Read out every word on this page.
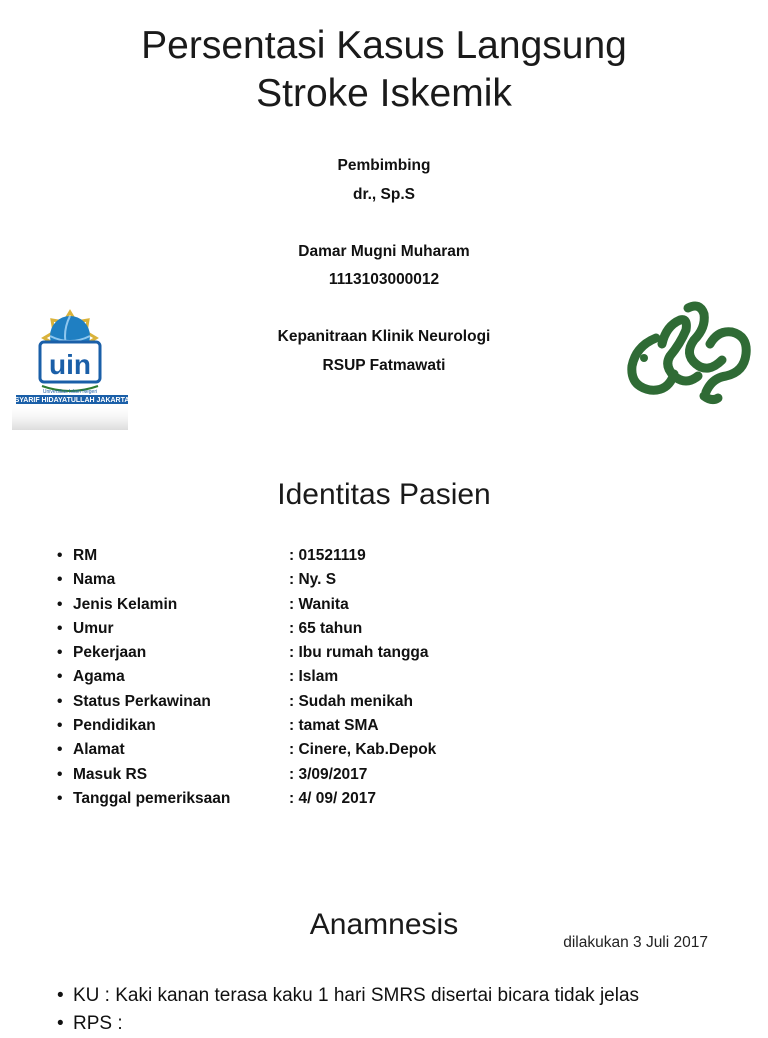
Persentasi Kasus Langsung
Stroke Iskemik
Pembimbing
dr., Sp.S
Damar Mugni Muharam
1113103000012
Kepanitraan Klinik Neurologi
RSUP Fatmawati
uin
Universitas Islam Negeri
SYARIF HIDAYATULLAH JAKARTA
Identitas Pasien
• RM	: 01521119
• Nama	: Ny. S
• Jenis Kelamin	: Wanita
• Umur	: 65 tahun
• Pekerjaan	: Ibu rumah tangga
• Agama	: Islam
• Status Perkawinan	: Sudah menikah
• Pendidikan	: tamat SMA
• Alamat	: Cinere, Kab.Depok
• Masuk RS	: 3/09/2017
• Tanggal pemeriksaan	: 4/ 09/ 2017
Anamnesis
dilakukan 3 Juli 2017
• KU : Kaki kanan terasa kaku 1 hari SMRS disertai bicara tidak jelas
• RPS :
